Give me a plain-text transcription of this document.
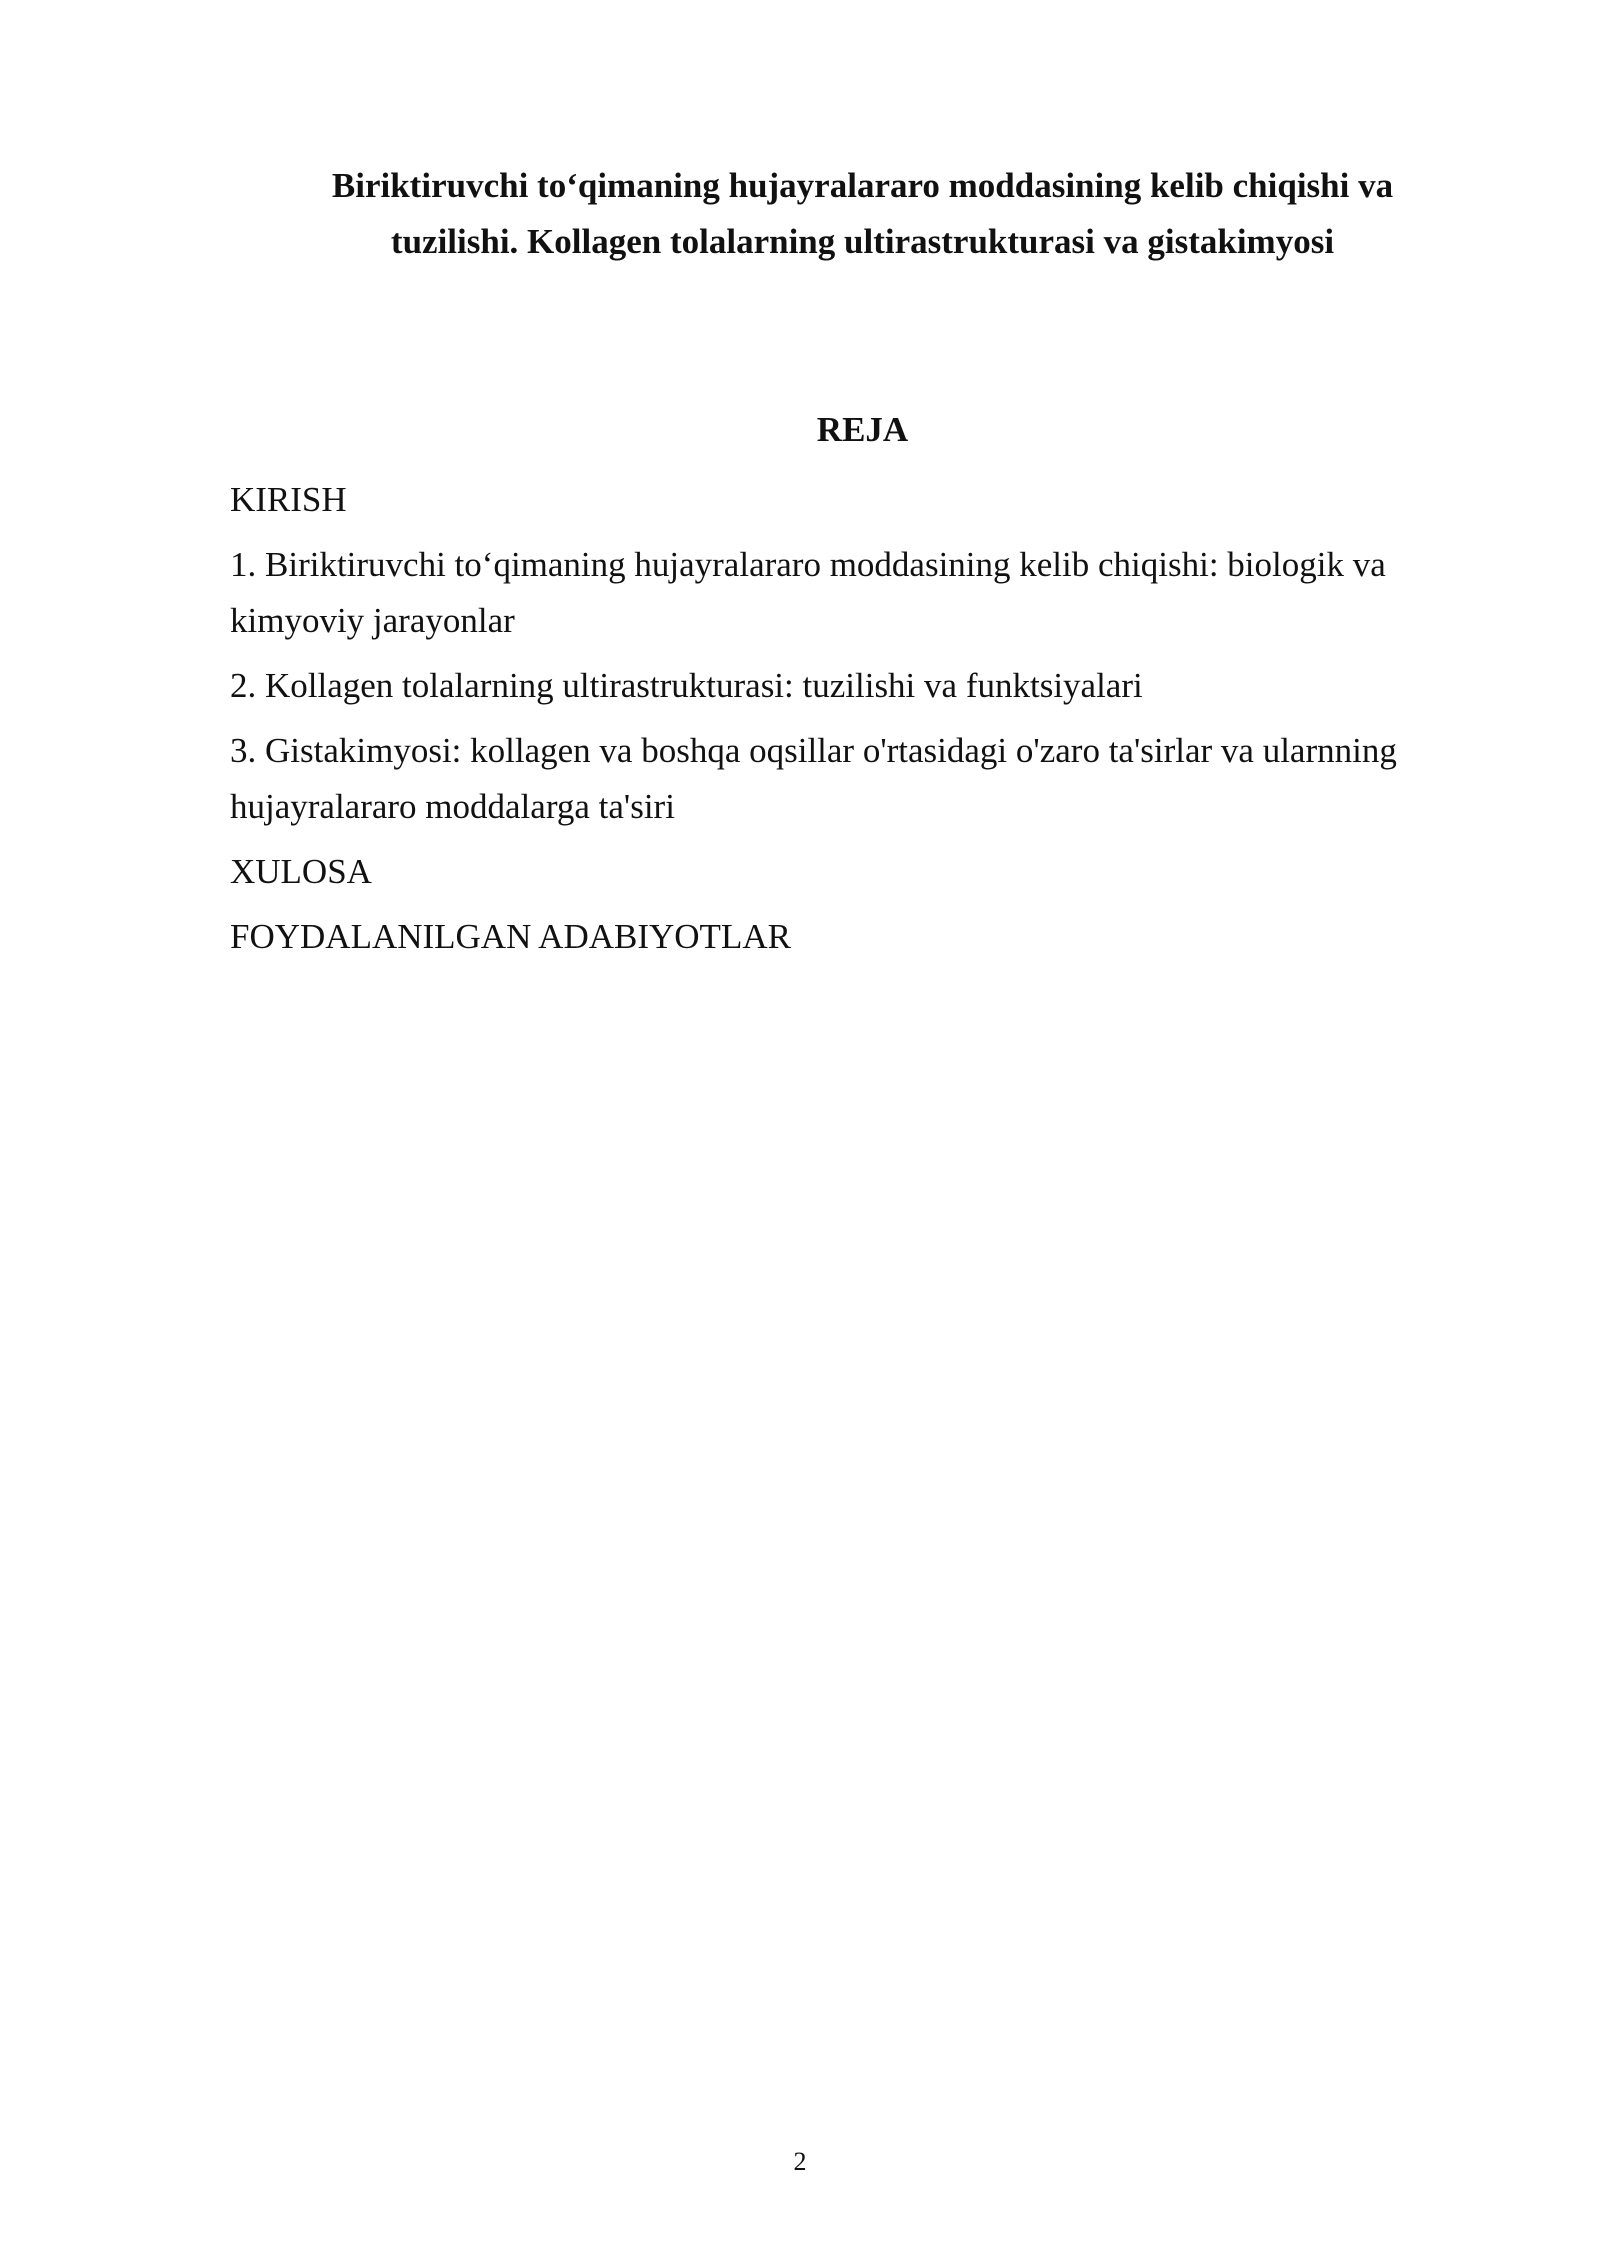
Biriktiruvchi to‘qimaning hujayralararo moddasining kelib chiqishi va
tuzilishi. Kollagen tolalarning ultirastrukturasi va gistakimyosi
REJA
KIRISH
1. Biriktiruvchi to‘qimaning hujayralararo moddasining kelib chiqishi: biologik va kimyoviy jarayonlar
2. Kollagen tolalarning ultirastrukturasi: tuzilishi va funktsiyalari
3. Gistakimyosi: kollagen va boshqa oqsillar o'rtasidagi o'zaro ta'sirlar va ularnning hujayralararo moddalarga ta'siri
XULOSA
FOYDALANILGAN ADABIYOTLAR
2
